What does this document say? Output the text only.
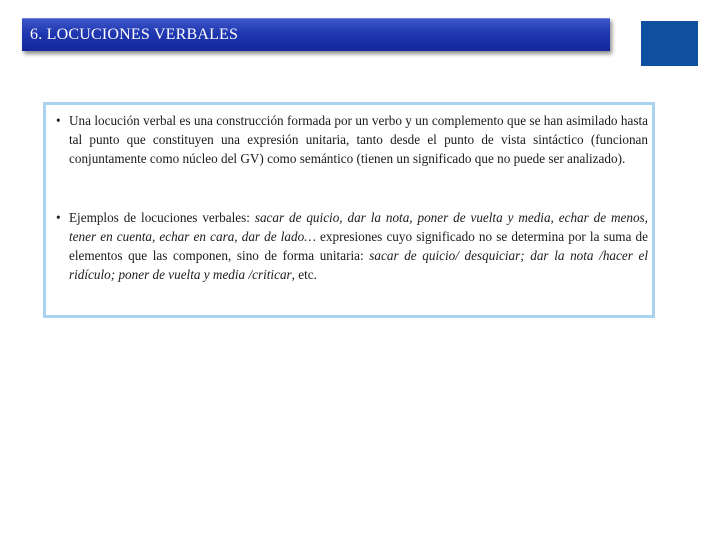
6. LOCUCIONES VERBALES
• Una locución verbal es una construcción formada por un verbo y un complemento que se han asimilado hasta tal punto que constituyen una expresión unitaria, tanto desde el punto de vista sintáctico (funcionan conjuntamente como núcleo del GV) como semántico (tienen un significado que no puede ser analizado).
• Ejemplos de locuciones verbales: sacar de quicio, dar la nota, poner de vuelta y media, echar de menos, tener en cuenta, echar en cara, dar de lado… expresiones cuyo significado no se determina por la suma de elementos que las componen, sino de forma unitaria: sacar de quicio/ desquiciar; dar la nota /hacer el ridículo; poner de vuelta y media /criticar, etc.
